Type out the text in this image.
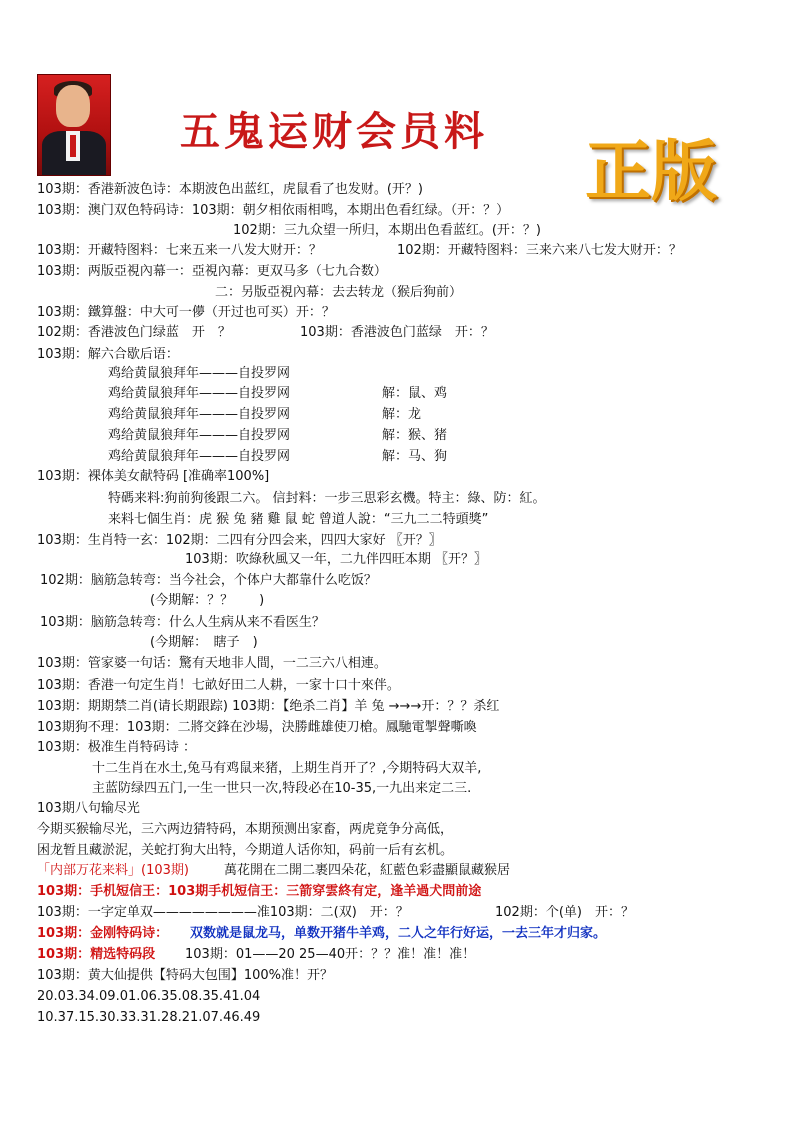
五鬼运财会员料
正版
103期：香港新波色诗：本期波色出蓝红，虎鼠看了也发财。(开？)
103期：澳门双色特码诗：103期：朝夕相依雨相鸣，本期出色看红绿。（开：？）
102期：三九众望一所归，本期出色看蓝红。(开：？)
103期：开藏特图料：七来五来一八发大财开：？	102期：开藏特图料：三来六来八七发大财开：？
103期：两版亞視內幕一：亞視內幕：更双马多（七九合数）
二：另版亞視內幕：去去转龙（猴后狗前）
103期：鐵算盤：中大可一儚（开过也可买）开：？
102期：香港波色门绿蓝　开　？	103期：香港波色门蓝绿　开：？
103期：解六合歇后语：
鸡给黄鼠狼拜年———自投罗网
鸡给黄鼠狼拜年———自投罗网	解：鼠、鸡
鸡给黄鼠狼拜年———自投罗网	解：龙
鸡给黄鼠狼拜年———自投罗网	解：猴、猪
鸡给黄鼠狼拜年———自投罗网	解：马、狗
103期：裸体美女献特码 [准确率100%]
特碼来料:狗前狗後跟二六。 信封料：一步三思彩玄機。特主：綠、防：紅。
来料七個生肖：虎 猴 兔 豬 雞 鼠 蛇 曾道人說：“三九二二特頭獎”
103期：生肖特一玄：102期：二四有分四会来，四四大家好 〖开？〗
103期：吹綠秋風又一年，二九伴四旺本期 〖开？〗
102期：脑筋急转弯：当今社会，个体户大都靠什么吃饭？
(今期解：？？　　)
103期：脑筋急转弯：什么人生病从来不看医生？
(今期解：　瞎子　)
103期：管家婆一句话：驚有天地非人間，一二三六八相連。
103期：香港一句定生肖！七畝好田二人耕，一家十口十來伴。
103期：期期禁二肖(请长期跟踪) 103期：【绝杀二肖】羊 兔 →→→开：？？杀红
103期狗不理：103期：二將交鋒在沙場，決勝雌雄使刀槍。鳳馳電掣聲嘶喚
103期：极准生肖特码诗 ：
十二生肖在水土,兔马有鸡鼠来猪，上期生肖开了？,今期特码大双羊,
主蓝防绿四五门,一生一世只一次,特段必在10-35,一九出来定二三.
103期八句输尽光
今期买猴输尽光，三六两边猜特码，本期预测出家畜，两虎竟争分高低，
困龙暂且藏淤泥，关蛇打狗大出特，今期道人话你知，码前一后有玄机。
「内部万花来料」(103期)	萬花開在二開二裹四朵花，紅藍色彩盡顯鼠藏猴居
103期：手机短信王：103期手机短信王：三箭穿雲終有定，逢羊過犬問前途
103期：一字定单双————————准103期：二(双)　开：？	102期：个(单)　开：？
103期：金刚特码诗： 双数就是鼠龙马，单数开猪牛羊鸡，二人之年行好运，一去三年才归家。
103期：精选特码段 103期：01——20 25—40开：？？准！准！准！
103期：黄大仙提供【特码大包围】100%准！开？
20.03.34.09.01.06.35.08.35.41.04
10.37.15.30.33.31.28.21.07.46.49
